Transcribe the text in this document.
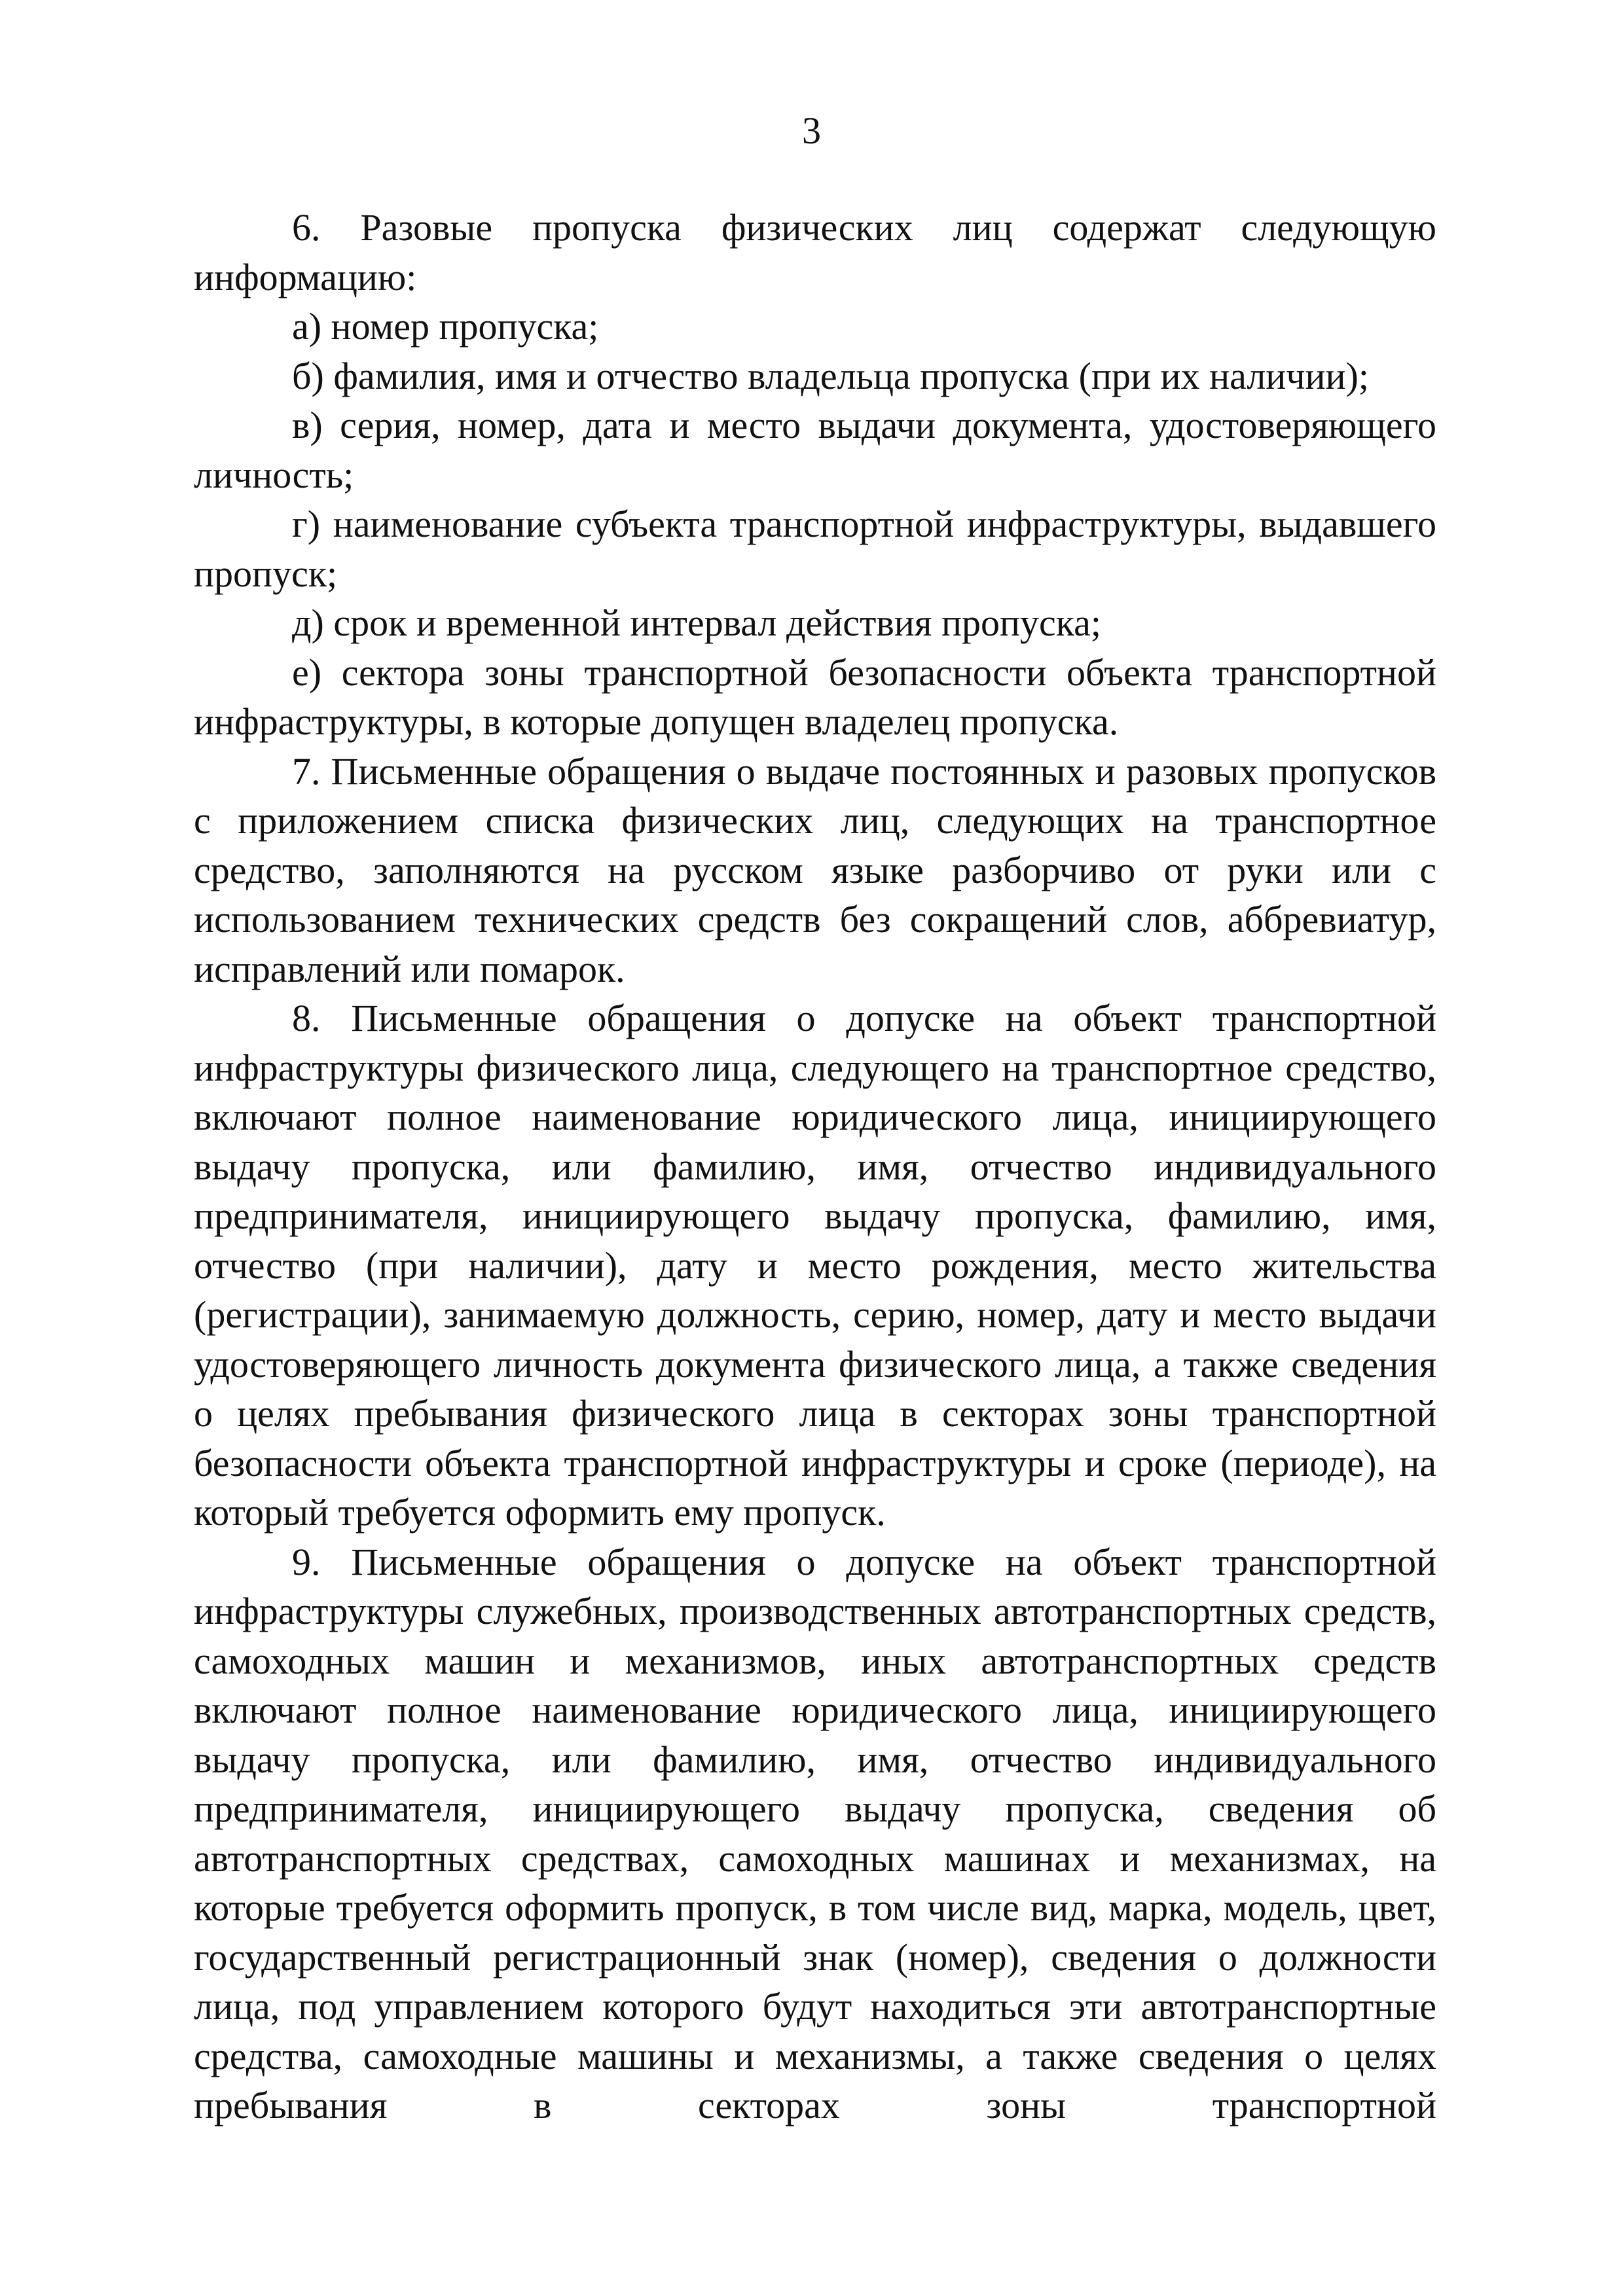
3

6. Разовые пропуска физических лиц содержат следующую информацию:

а) номер пропуска;

б) фамилия, имя и отчество владельца пропуска (при их наличии);

в) серия, номер, дата и место выдачи документа, удостоверяющего личность;

г) наименование субъекта транспортной инфраструктуры, выдавшего пропуск;

д) срок и временной интервал действия пропуска;

е) сектора зоны транспортной безопасности объекта транспортной инфраструктуры, в которые допущен владелец пропуска.

7. Письменные обращения о выдаче постоянных и разовых пропусков с приложением списка физических лиц, следующих на транспортное средство, заполняются на русском языке разборчиво от руки или с использованием технических средств без сокращений слов, аббревиатур, исправлений или помарок.

8. Письменные обращения о допуске на объект транспортной инфраструктуры физического лица, следующего на транспортное средство, включают полное наименование юридического лица, инициирующего выдачу пропуска, или фамилию, имя, отчество индивидуального предпринимателя, инициирующего выдачу пропуска, фамилию, имя, отчество (при наличии), дату и место рождения, место жительства (регистрации), занимаемую должность, серию, номер, дату и место выдачи удостоверяющего личность документа физического лица, а также сведения о целях пребывания физического лица в секторах зоны транспортной безопасности объекта транспортной инфраструктуры и сроке (периоде), на который требуется оформить ему пропуск.

9. Письменные обращения о допуске на объект транспортной инфраструктуры служебных, производственных автотранспортных средств, самоходных машин и механизмов, иных автотранспортных средств включают полное наименование юридического лица, инициирующего выдачу пропуска, или фамилию, имя, отчество индивидуального предпринимателя, инициирующего выдачу пропуска, сведения об автотранспортных средствах, самоходных машинах и механизмах, на которые требуется оформить пропуск, в том числе вид, марка, модель, цвет, государственный регистрационный знак (номер), сведения о должности лица, под управлением которого будут находиться эти автотранспортные средства, самоходные машины и механизмы, а также сведения о целях пребывания в секторах зоны транспортной
